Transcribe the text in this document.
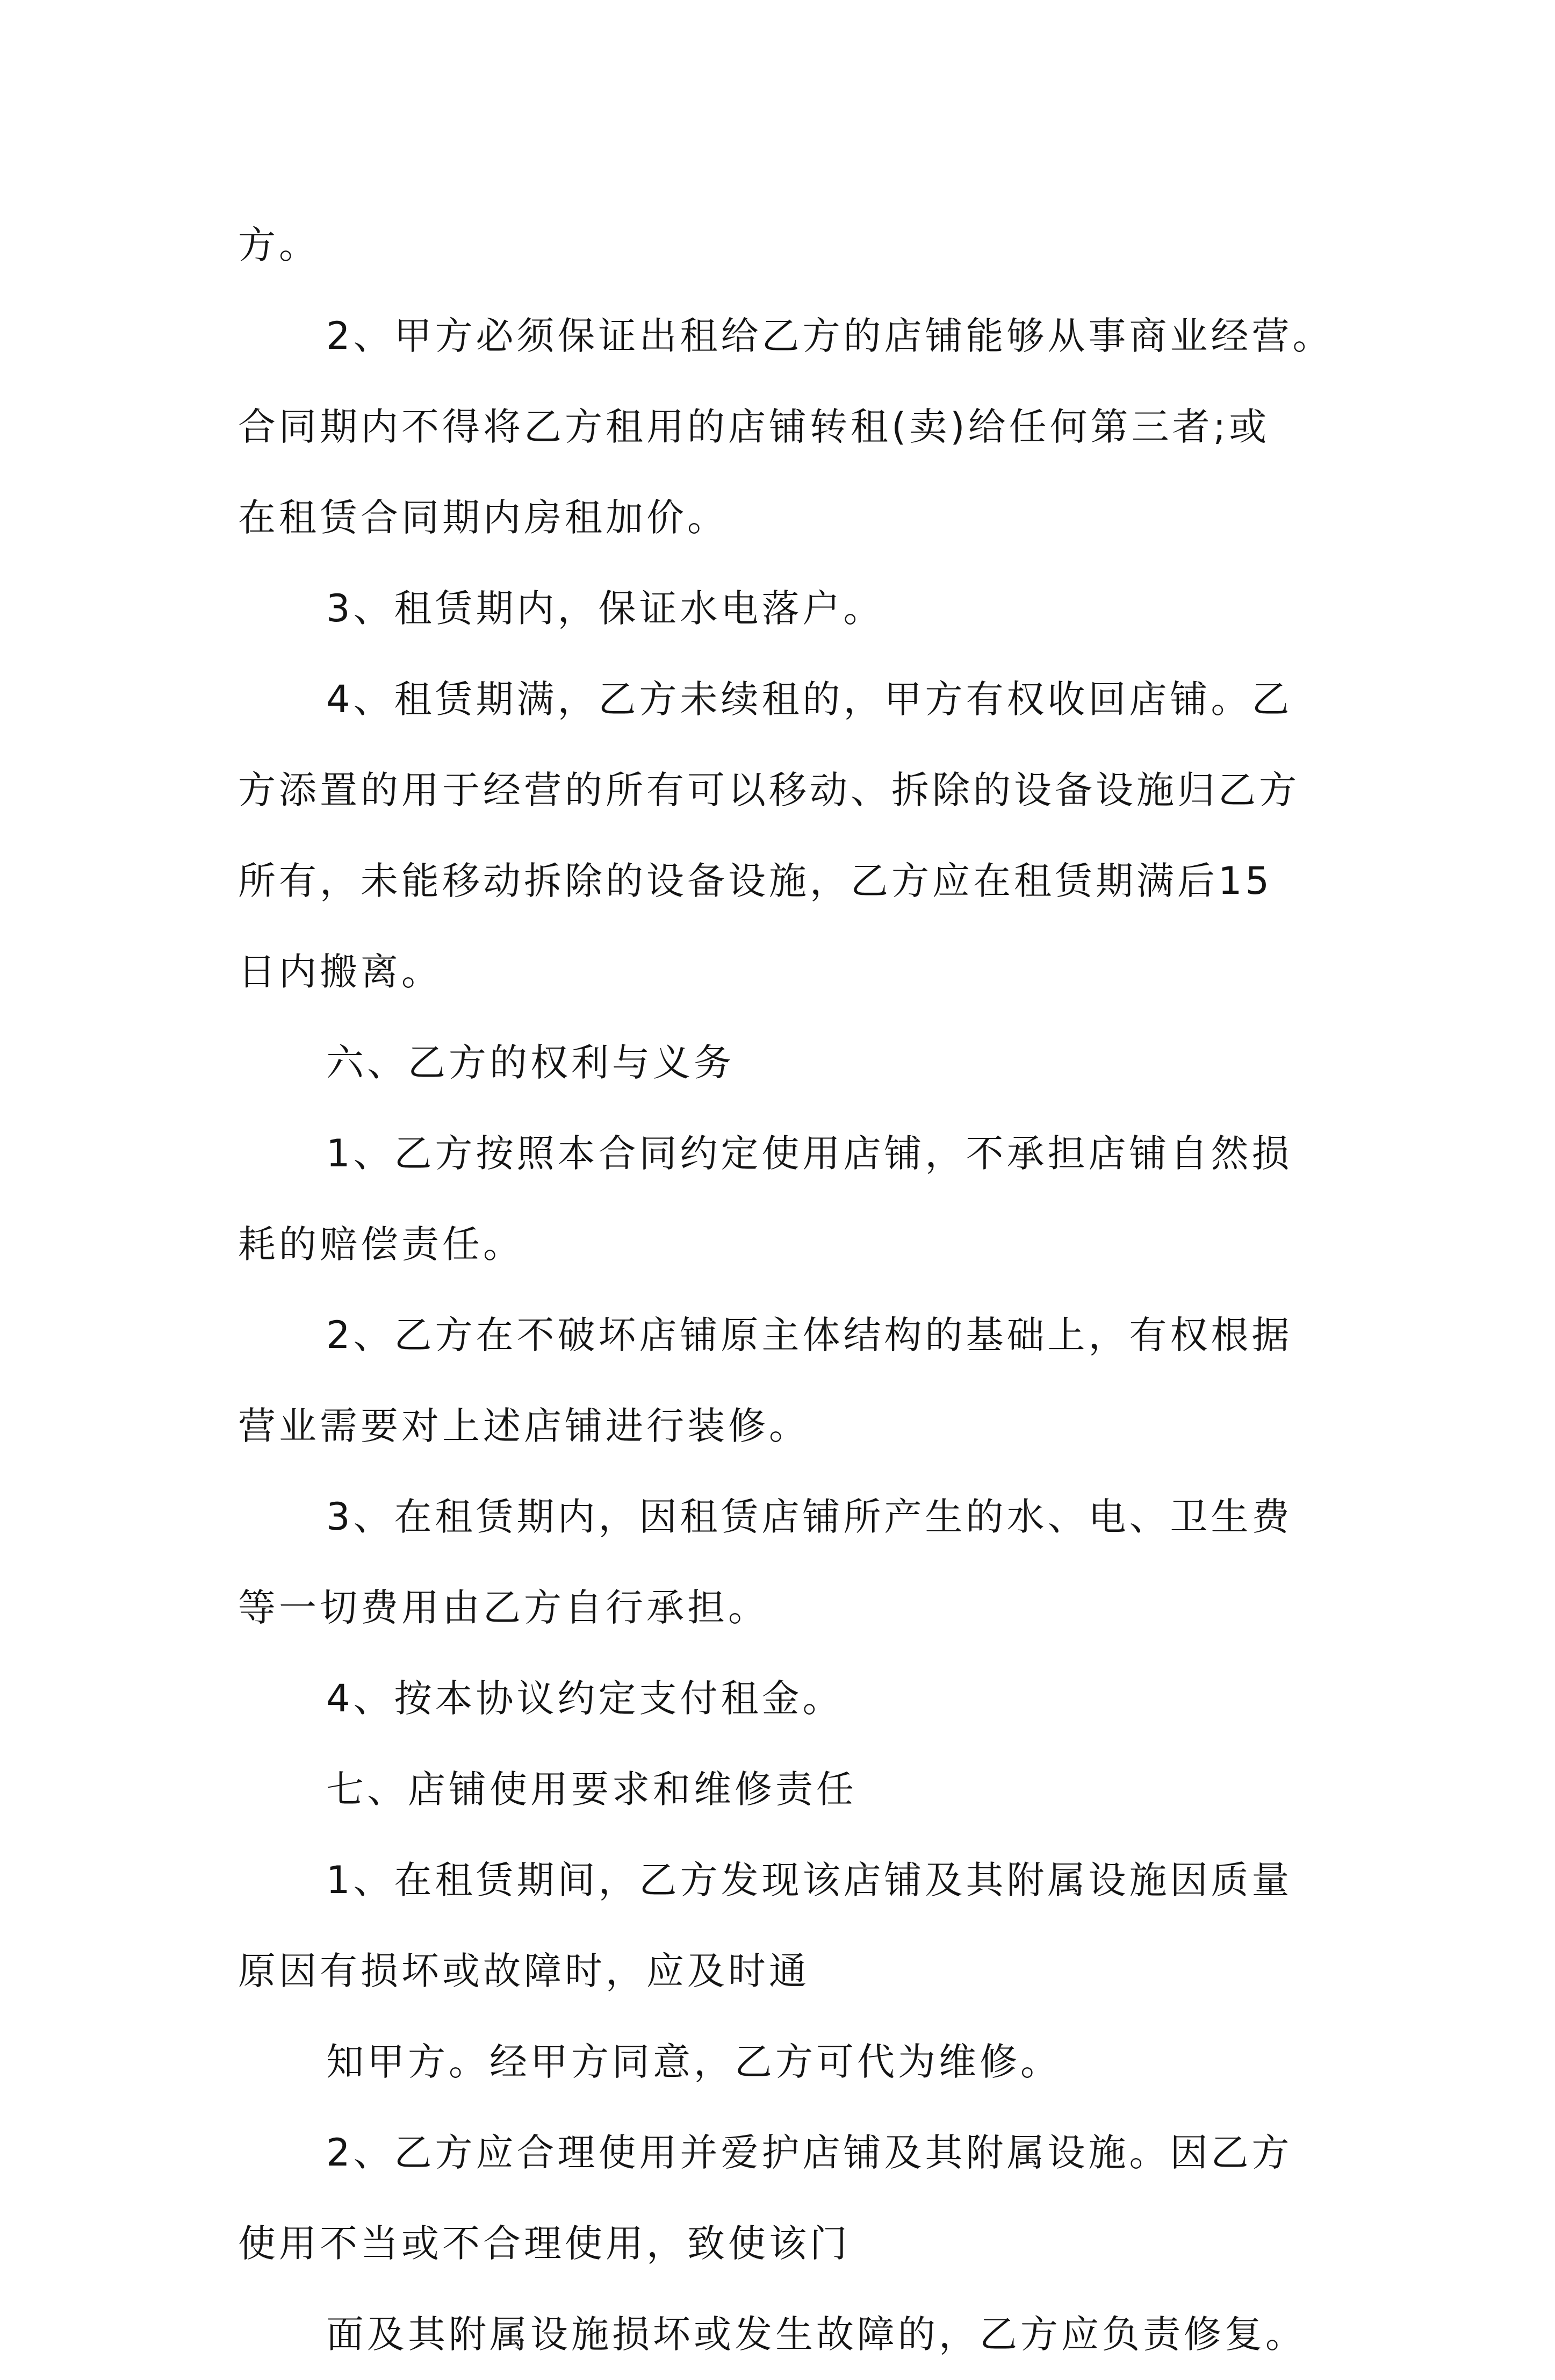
方。
2、甲方必须保证出租给乙方的店铺能够从事商业经营。
合同期内不得将乙方租用的店铺转租(卖)给任何第三者;或
在租赁合同期内房租加价。
3、租赁期内，保证水电落户。
4、租赁期满，乙方未续租的，甲方有权收回店铺。乙
方添置的用于经营的所有可以移动、拆除的设备设施归乙方
所有，未能移动拆除的设备设施，乙方应在租赁期满后15
日内搬离。
六、乙方的权利与义务
1、乙方按照本合同约定使用店铺，不承担店铺自然损
耗的赔偿责任。
2、乙方在不破坏店铺原主体结构的基础上，有权根据
营业需要对上述店铺进行装修。
3、在租赁期内，因租赁店铺所产生的水、电、卫生费
等一切费用由乙方自行承担。
4、按本协议约定支付租金。
七、店铺使用要求和维修责任
1、在租赁期间，乙方发现该店铺及其附属设施因质量
原因有损坏或故障时，应及时通
知甲方。经甲方同意，乙方可代为维修。
2、乙方应合理使用并爱护店铺及其附属设施。因乙方
使用不当或不合理使用，致使该门
面及其附属设施损坏或发生故障的，乙方应负责修复。
